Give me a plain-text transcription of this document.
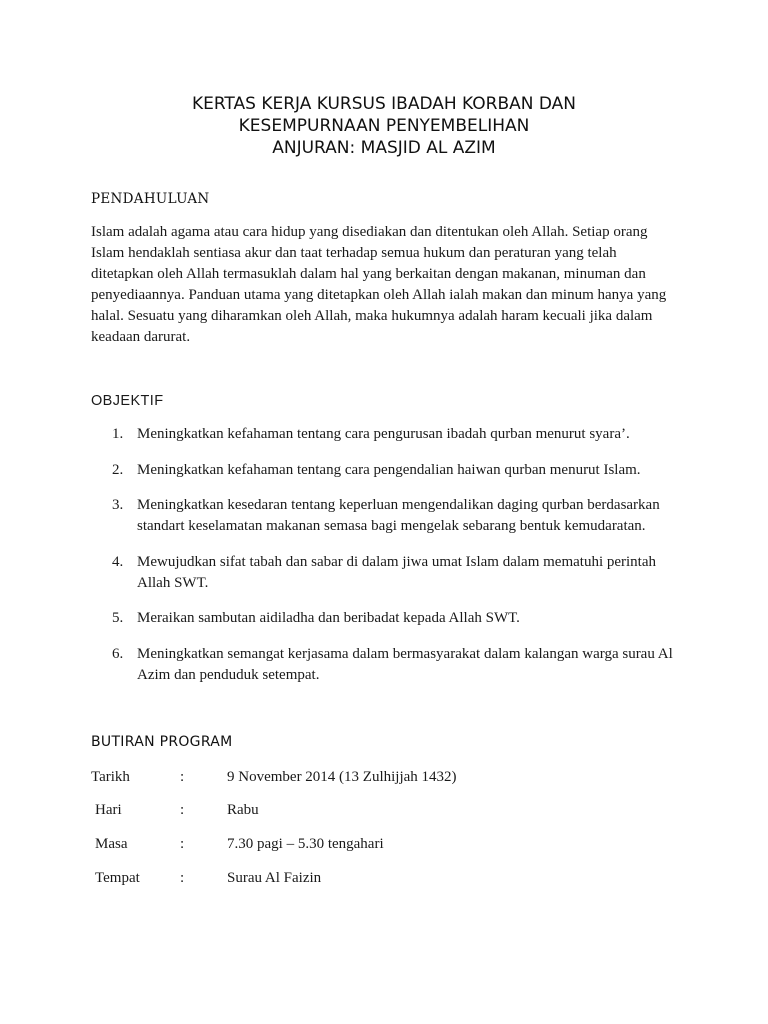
KERTAS KERJA KURSUS IBADAH KORBAN DAN
KESEMPURNAAN PENYEMBELIHAN
ANJURAN: MASJID AL AZIM
PENDAHULUAN
Islam adalah agama atau cara hidup yang disediakan dan ditentukan oleh Allah. Setiap orang
Islam hendaklah sentiasa akur dan taat terhadap semua hukum dan peraturan yang telah
ditetapkan oleh Allah termasuklah dalam hal yang berkaitan dengan makanan, minuman dan
penyediaannya. Panduan utama yang ditetapkan oleh Allah ialah makan dan minum hanya yang
halal. Sesuatu yang diharamkan oleh Allah, maka hukumnya adalah haram kecuali jika dalam
keadaan darurat.
OBJEKTIF
1. Meningkatkan kefahaman tentang cara pengurusan ibadah qurban menurut syara’.
2. Meningkatkan kefahaman tentang cara pengendalian haiwan qurban menurut Islam.
3. Meningkatkan kesedaran tentang keperluan mengendalikan daging qurban berdasarkan
standart keselamatan makanan semasa bagi mengelak sebarang bentuk kemudaratan.
4. Mewujudkan sifat tabah dan sabar di dalam jiwa umat Islam dalam mematuhi perintah
Allah SWT.
5. Meraikan sambutan aidiladha dan beribadat kepada Allah SWT.
6. Meningkatkan semangat kerjasama dalam bermasyarakat dalam kalangan warga surau Al
Azim dan penduduk setempat.
BUTIRAN PROGRAM
Tarikh	:	9 November 2014 (13 Zulhijjah 1432)
Hari	:	Rabu
Masa	:	7.30 pagi – 5.30 tengahari
Tempat	:	Surau Al Faizin
